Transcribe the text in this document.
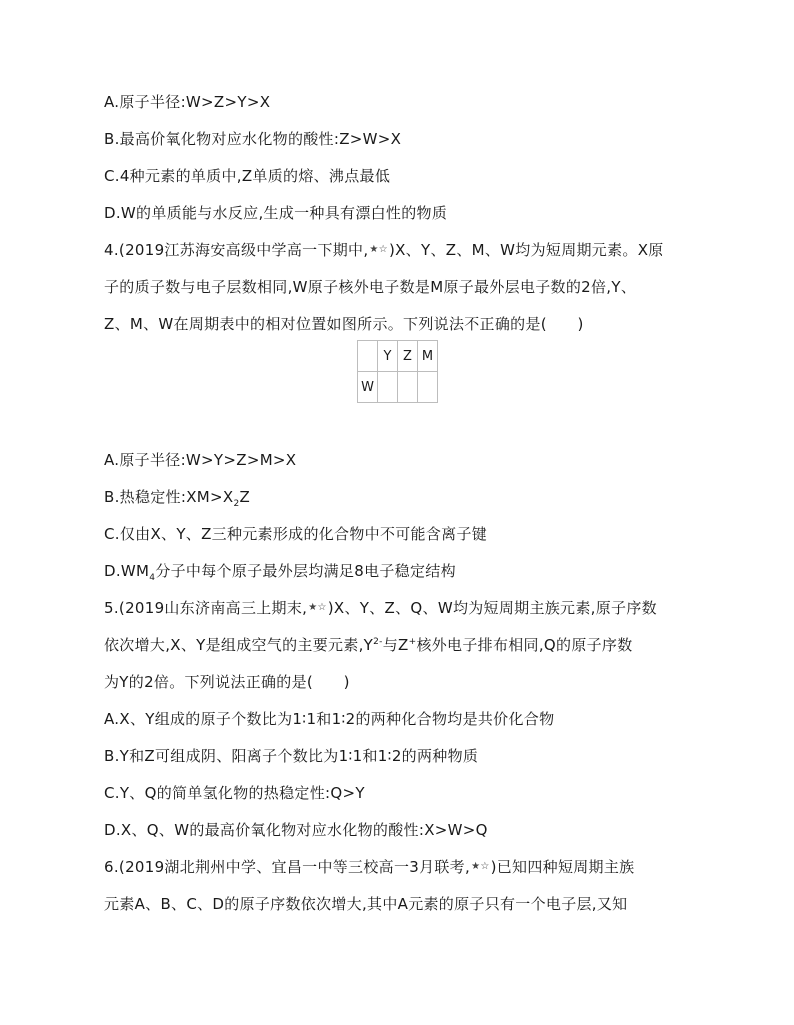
A.原子半径:W>Z>Y>X
B.最高价氧化物对应水化物的酸性:Z>W>X
C.4种元素的单质中,Z单质的熔、沸点最低
D.W的单质能与水反应,生成一种具有漂白性的物质
4.(2019江苏海安高级中学高一下期中,★☆)X、Y、Z、M、W均为短周期元素。X原
子的质子数与电子层数相同,W原子核外电子数是M原子最外层电子数的2倍,Y、
Z、M、W在周期表中的相对位置如图所示。下列说法不正确的是(　　)
	Y	Z	M
W			
A.原子半径:W>Y>Z>M>X
B.热稳定性$:XM>X_2Z$
C.仅由X、Y、Z三种元素形成的化合物中不可能含离子键
$D.WM_4$分子中每个原子最外层均满足8电子稳定结构
5.(2019山东济南高三上期末,★☆)X、Y、Z、Q、W均为短周期主族元素,原子序数
依次增大,X、Y是组成空气的主要元素$,Y^{2-}$与Z+核外电子排布相同,Q的原子序数
为Y的2倍。下列说法正确的是(　　)
A.X、Y组成的原子个数比为1∶1和1∶2的两种化合物均是共价化合物
B.Y和Z可组成阴、阳离子个数比为1∶1和1∶2的两种物质
C.Y、Q的简单氢化物的热稳定性:Q>Y
D.X、Q、W的最高价氧化物对应水化物的酸性:X>W>Q
6.(2019湖北荆州中学、宜昌一中等三校高一3月联考,★☆)已知四种短周期主族
元素A、B、C、D的原子序数依次增大,其中A元素的原子只有一个电子层,又知
